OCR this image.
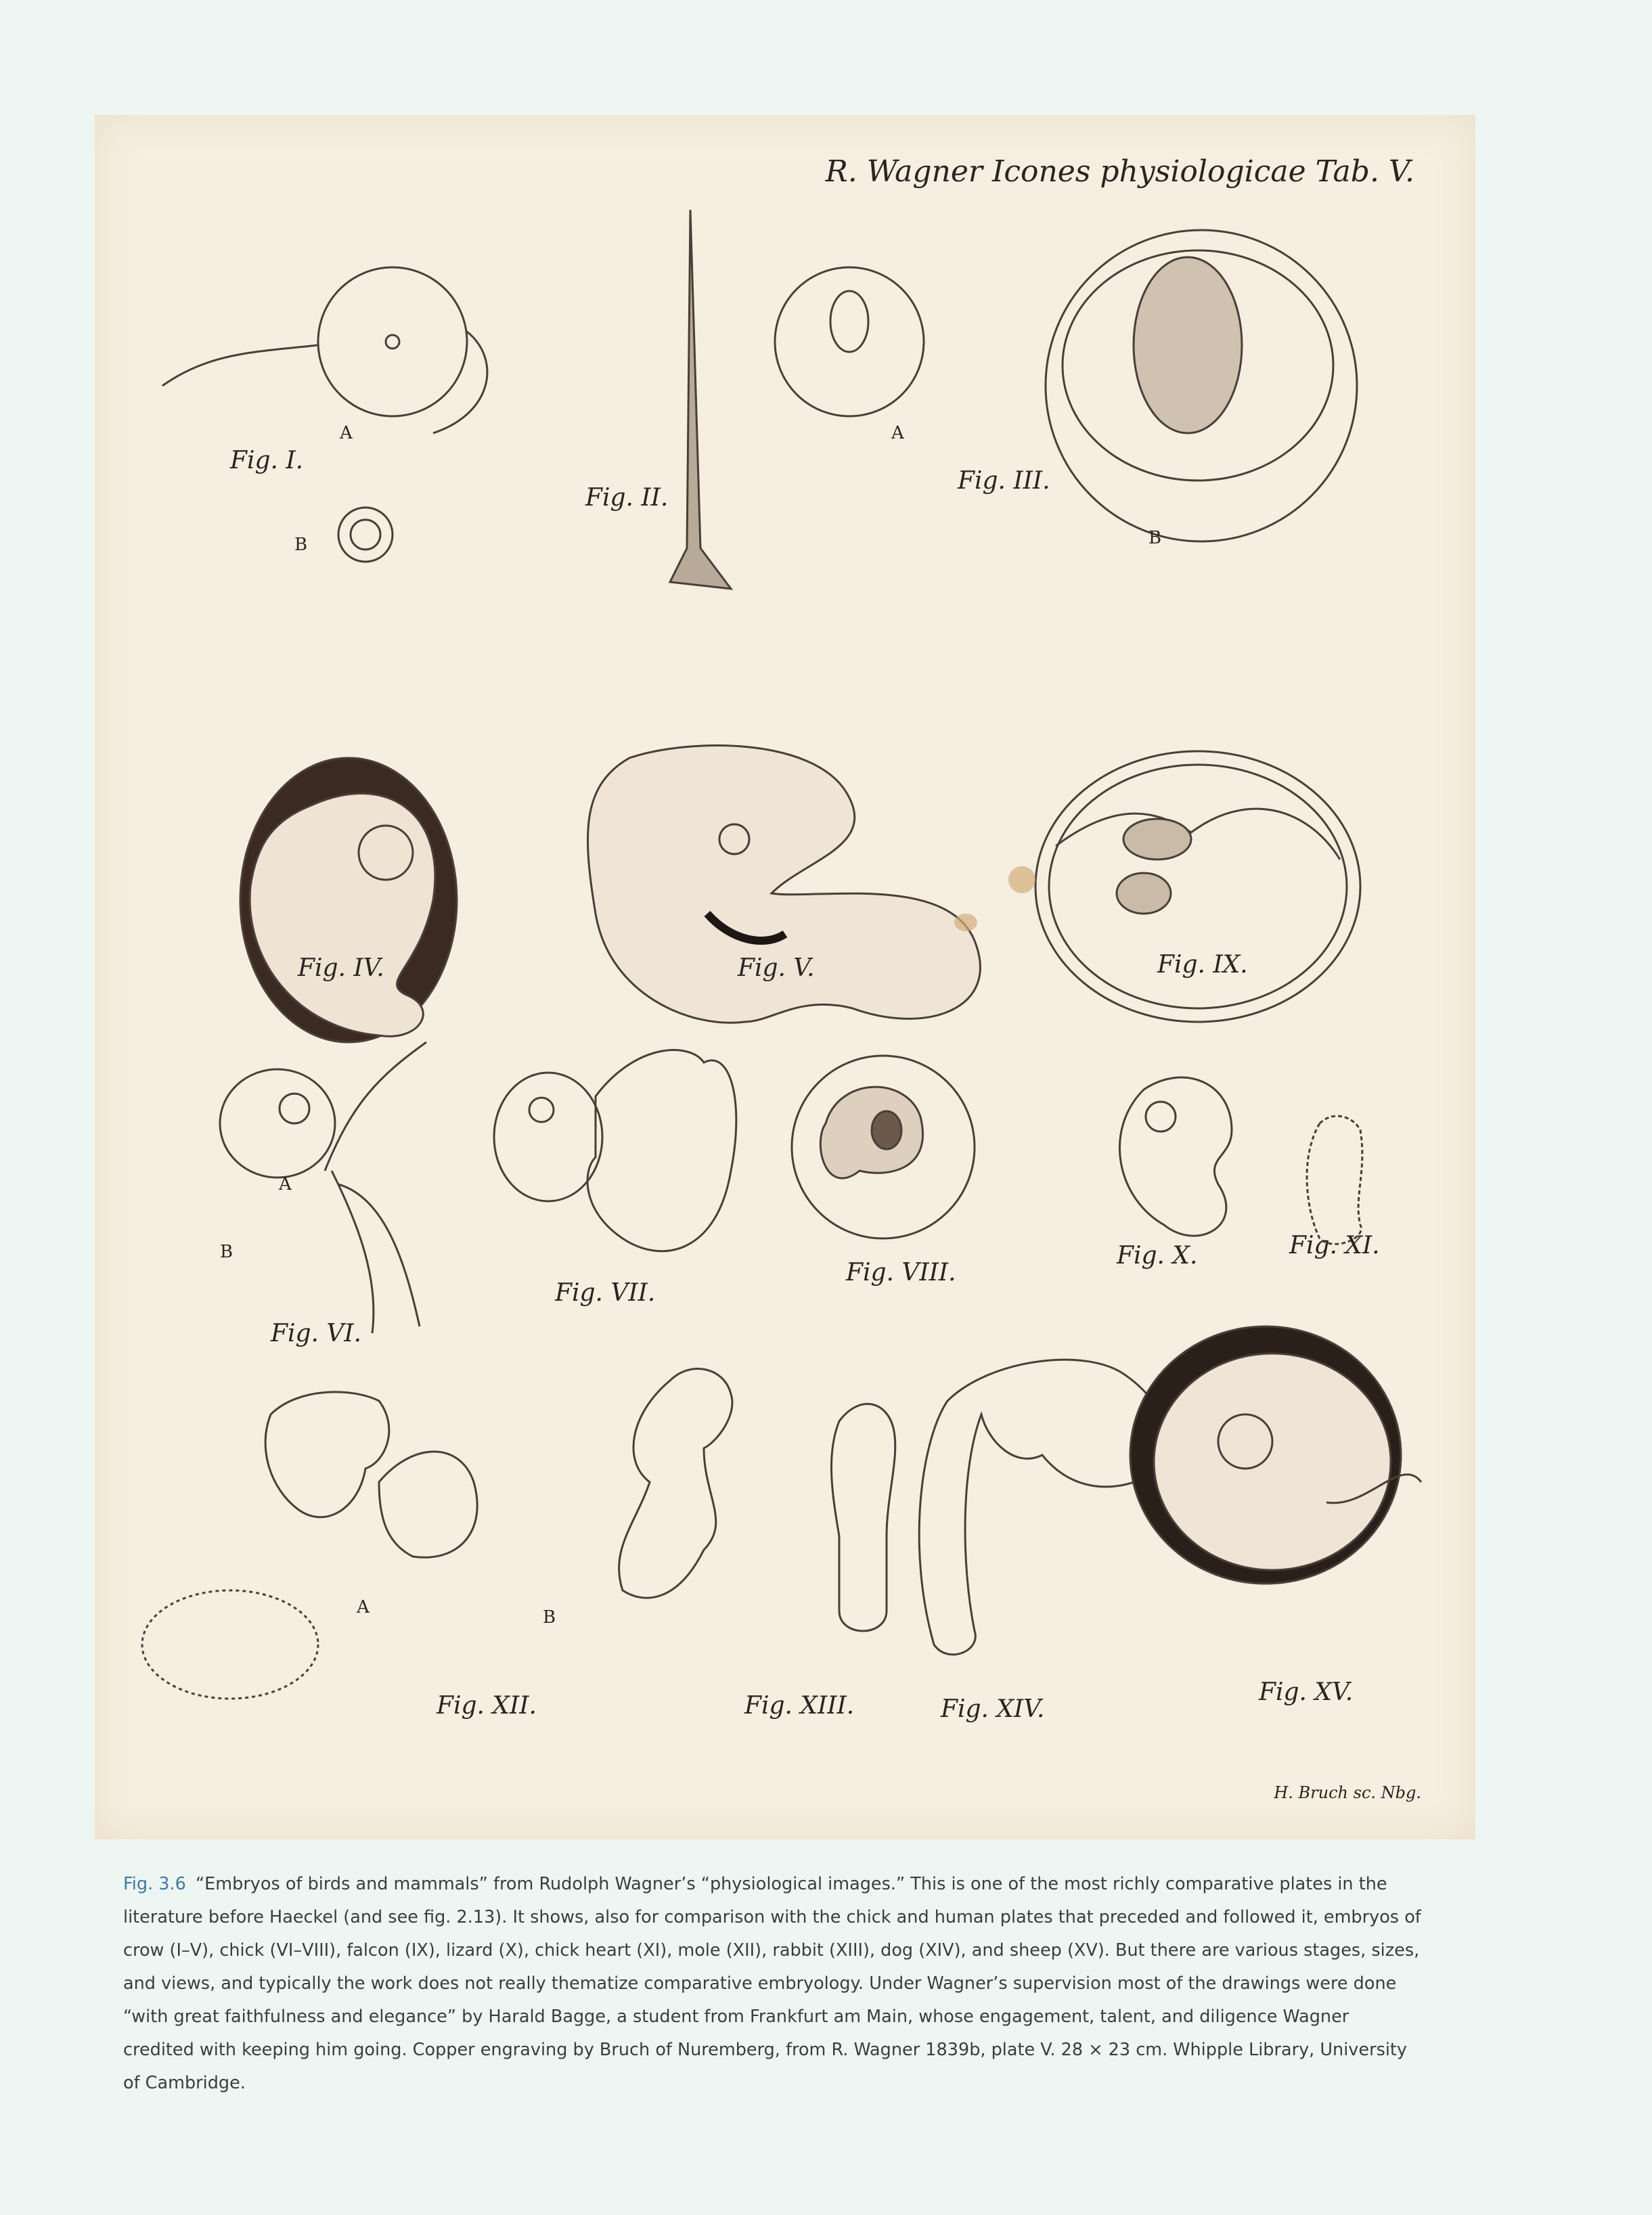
R. Wagner Icones physiologicae Tab. V.
Fig. I.
Fig. II.
Fig. III.
Fig. IV.	Fig. V.	Fig. IX.
Fig. VI.
Fig. VII.
Fig. VIII.
Fig. X.	Fig. XI.
Fig. XII.	Fig. XIII.	Fig. XIV.
Fig. XV.
A
B
A
B
A
B
A	B
H. Bruch sc. Nbg.
Fig. 3.6 “Embryos of birds and mammals” from Rudolph Wagner’s “physiological images.” This is one of the most richly comparative plates in the literature before Haeckel (and see fig. 2.13). It shows, also for comparison with the chick and human plates that preceded and followed it, embryos of crow (I–V), chick (VI–VIII), falcon (IX), lizard (X), chick heart (XI), mole (XII), rabbit (XIII), dog (XIV), and sheep (XV). But there are various stages, sizes, and views, and typically the work does not really thematize comparative embryology. Under Wagner’s supervision most of the drawings were done “with great faithfulness and elegance” by Harald Bagge, a student from Frankfurt am Main, whose engagement, talent, and diligence Wagner credited with keeping him going. Copper engraving by Bruch of Nuremberg, from R. Wagner 1839b, plate V. 28 × 23 cm. Whipple Library, University of Cambridge.
